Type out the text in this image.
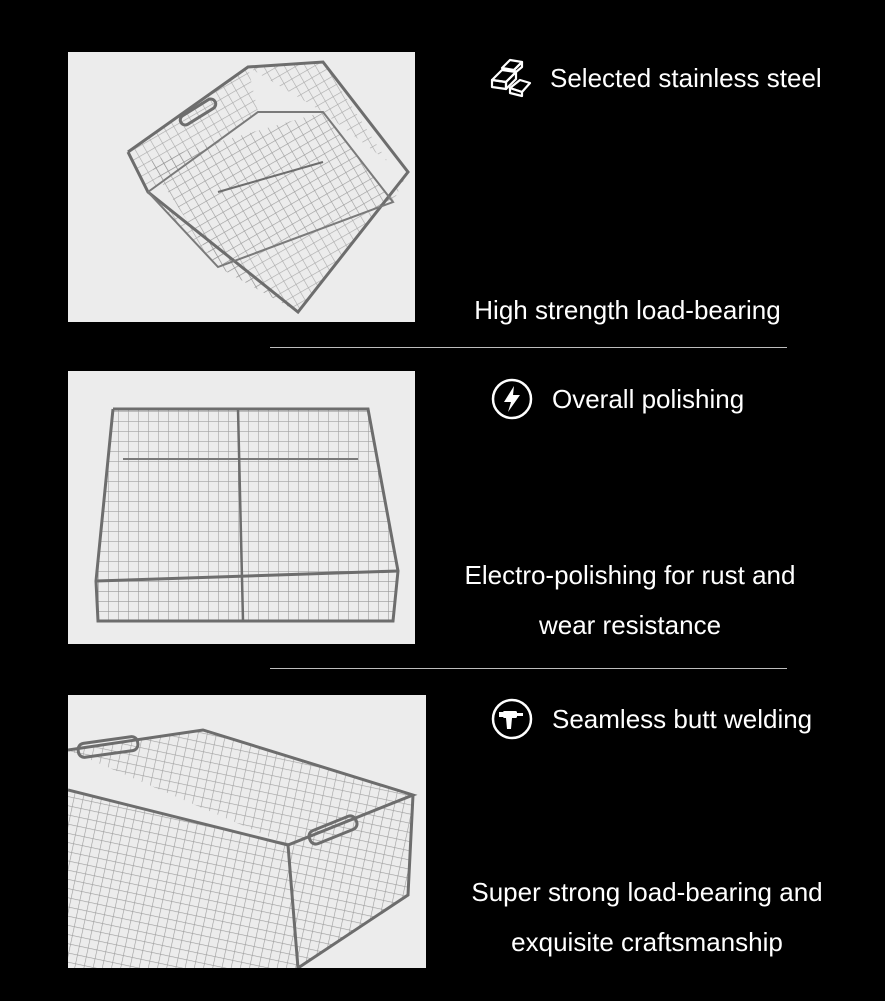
Selected stainless steel
High strength load-bearing
Overall polishing
Electro-polishing for rust and
wear resistance
Seamless butt welding
Super strong load-bearing and
exquisite craftsmanship
